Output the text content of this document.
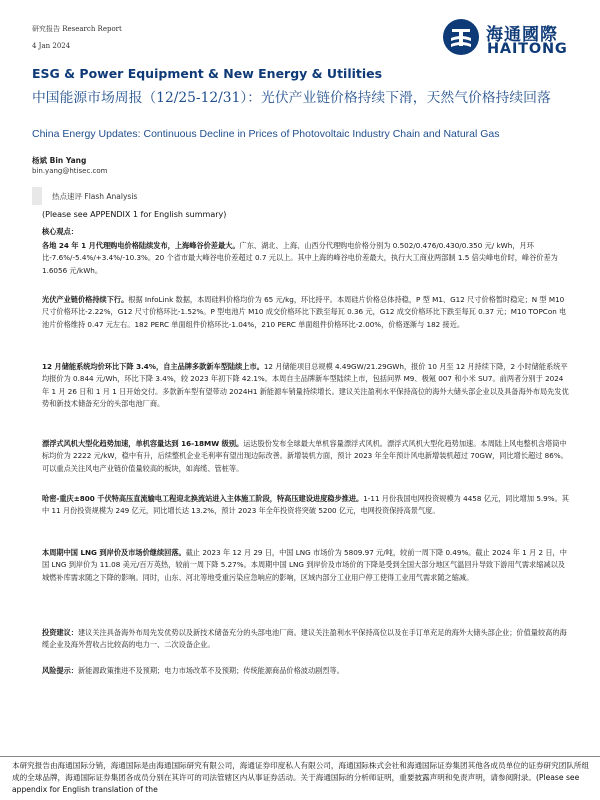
研究报告 Research Report
4 Jan 2024
海通國際
HAITONG
ESG & Power Equipment & New Energy & Utilities
中国能源市场周报（12/25-12/31）：光伏产业链价格持续下滑，天然气价格持续回落
China Energy Updates: Continuous Decline in Prices of Photovoltaic Industry Chain and Natural Gas
杨斌 Bin Yang
bin.yang@htisec.com
热点速评 Flash Analysis
(Please see APPENDIX 1 for English summary)
核心观点：
各地 24 年 1 月代理购电价格陆续发布，上海峰谷价差最大。广东、湖北、上海、山西分代理购电价格分别为 0.502/0.476/0.430/0.350 元/ kWh，月环比-7.6%/-5.4%/+3.4%/-10.3%。20 个省市最大峰谷电价差超过 0.7 元以上。其中上海的峰谷电价差最大，执行大工商业两部制 1.5 倍尖峰电价时，峰谷价差为 1.6056 元/kWh。
光伏产业链价格持续下行。根据 InfoLink 数据，本周硅料价格均价为 65 元/kg，环比持平。本周硅片价格总体持稳，P 型 M1、G12 尺寸价格暂时稳定；N 型 M10 尺寸价格环比-2.22%，G12 尺寸价格环比-1.52%。P 型电池片 M10 成交价格环比下跌至每瓦 0.36 元，G12 成交价格环比下跌至每瓦 0.37 元；M10 TOPCon 电池片价格维持 0.47 元左右。182 PERC 单面组件价格环比-1.04%，210 PERC 单面组件价格环比-2.00%，价格逐渐与 182 接近。
12 月储能系统均价环比下降 3.4%，自主品牌多款新车型陆续上市。12 月储能项目总规模 4.49GW/21.29GWh，报价 10 月至 12 月持续下降，2 小时储能系统平均报价为 0.844 元/Wh，环比下降 3.4%，较 2023 年初下降 42.1%。本周自主品牌新车型陆续上市，包括问界 M9、极氪 007 和小米 SU7。前两者分别于 2024 年 1 月 26 日和 1 月 1 日开始交付。多款新车型有望带动 2024H1 新能源车销量持续增长。建议关注盈利水平保持高位的海外大储头部企业以及具备海外布局先发优势和新技术储备充分的头部电池厂商。
漂浮式风机大型化趋势加速，单机容量达到 16-18MW 级别。运达股份发布全球最大单机容量漂浮式风机。漂浮式风机大型化趋势加速。本周陆上风电整机含塔筒中标均价为 2222 元/kW，稳中有升，后续整机企业毛利率有望出现边际改善。新增装机方面，预计 2023 年全年预计风电新增装机超过 70GW，同比增长超过 86%。可以重点关注风电产业链价值量较高的板块，如海缆、管桩等。
哈密-重庆±800 千伏特高压直流输电工程迎北换流站进入主体施工阶段，特高压建设进度稳步推进。1-11 月份我国电网投资规模为 4458 亿元，同比增加 5.9%。其中 11 月份投资规模为 249 亿元，同比增长达 13.2%，预计 2023 年全年投资将突破 5200 亿元，电网投资保持高景气度。
本周期中国 LNG 到岸价及市场价继续回落。截止 2023 年 12 月 29 日，中国 LNG 市场价为 5809.97 元/吨，较前一周下降 0.49%。截止 2024 年 1 月 2 日，中国 LNG 到岸价为 11.08 美元/百万英热，较前一周下降 5.27%。本周期中国 LNG 到岸价及市场价的下降是受到全国大部分地区气温回升导致下游用气需求缩减以及城燃补库需求随之下降的影响。同时，山东、河北等地受重污染应急响应的影响，区域内部分工业用户停工使得工业用气需求随之缩减。
投资建议：建议关注具备海外布局先发优势以及新技术储备充分的头部电池厂商。建议关注盈利水平保持高位以及在手订单充足的海外大储头部企业；价值量较高的海缆企业及海外营收占比较高的电力一、二次设备企业。
风险提示：新能源政策推进不及预期；电力市场改革不及预期；传统能源商品价格波动剧烈等。
本研究报告由海通国际分销，海通国际是由海通国际研究有限公司，海通证券印度私人有限公司，海通国际株式会社和海通国际证券集团其他各成员单位的证券研究团队所组成的全球品牌，海通国际证券集团各成员分别在其许可的司法管辖区内从事证券活动。关于海通国际的分析师证明，重要披露声明和免责声明，请参阅附录。(Please see appendix for English translation of the
